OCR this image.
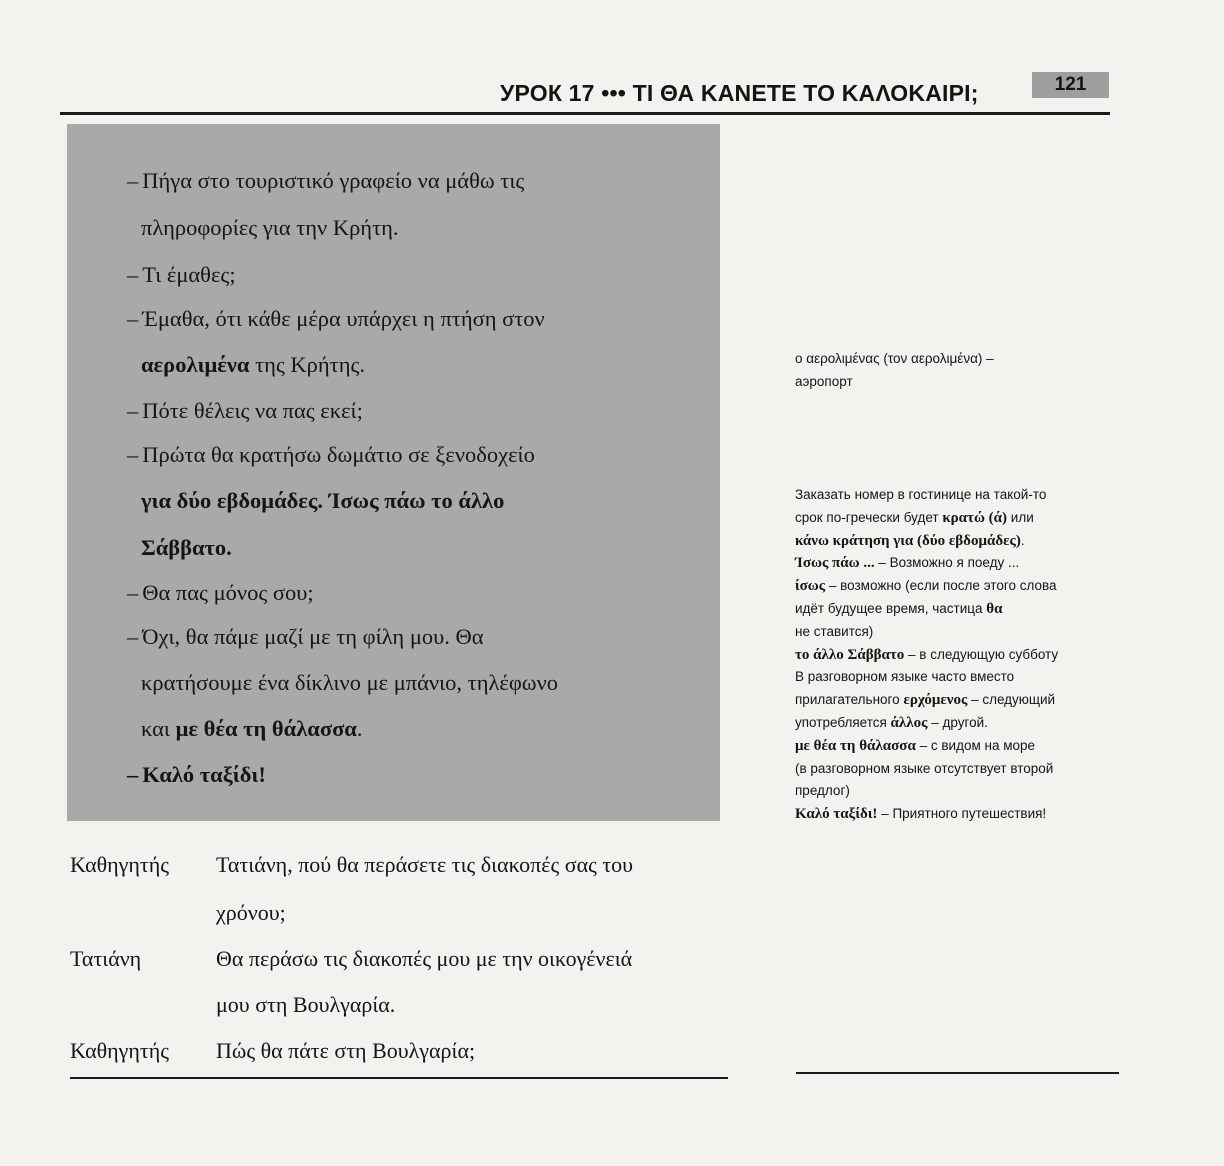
УРОК 17 ••• ΤΙ ΘΑ ΚΑΝΕΤΕ ΤΟ ΚΑΛΟΚΑΙΡΙ;	121
– Πήγα στο τουριστικό γραφείο να μάθω τις
πληροφορίες για την Κρήτη.
– Τι έμαθες;
– Έμαθα, ότι κάθε μέρα υπάρχει η πτήση στον
αερολιμένα της Κρήτης.
– Πότε θέλεις να πας εκεί;
– Πρώτα θα κρατήσω δωμάτιο σε ξενοδοχείο
για δύο εβδομάδες. Ίσως πάω το άλλο
Σάββατο.
– Θα πας μόνος σου;
– Όχι, θα πάμε μαζί με τη φίλη μου. Θα
κρατήσουμε ένα δίκλινο με μπάνιο, τηλέφωνο
και με θέα τη θάλασσα.
– Καλό ταξίδι!
ο αερολιμένας (τον αερολιμένα) –
аэропорт
Заказать номер в гостинице на такой-то
срок по-гречески будет κρατώ (ά) или
κάνω κράτηση για (δύο εβδομάδες).
Ίσως πάω ... – Возможно я поеду ...
ίσως – возможно (если после этого слова
идёт будущее время, частица θα
не ставится)
το άλλο Σάββατο – в следующую субботу
В разговорном языке часто вместо
прилагательного ερχόμενος – следующий
употребляется άλλος – другой.
με θέα τη θάλασσα – с видом на море
(в разговорном языке отсутствует второй
предлог)
Καλό ταξίδι! – Приятного путешествия!
Καθηγητής Τατιάνη, πού θα περάσετε τις διακοπές σας του
χρόνου;
Τατιάνη	Θα περάσω τις διακοπές μου με την οικογένειά
μου στη Βουλγαρία.
Καθηγητής Πώς θα πάτε στη Βουλγαρία;
